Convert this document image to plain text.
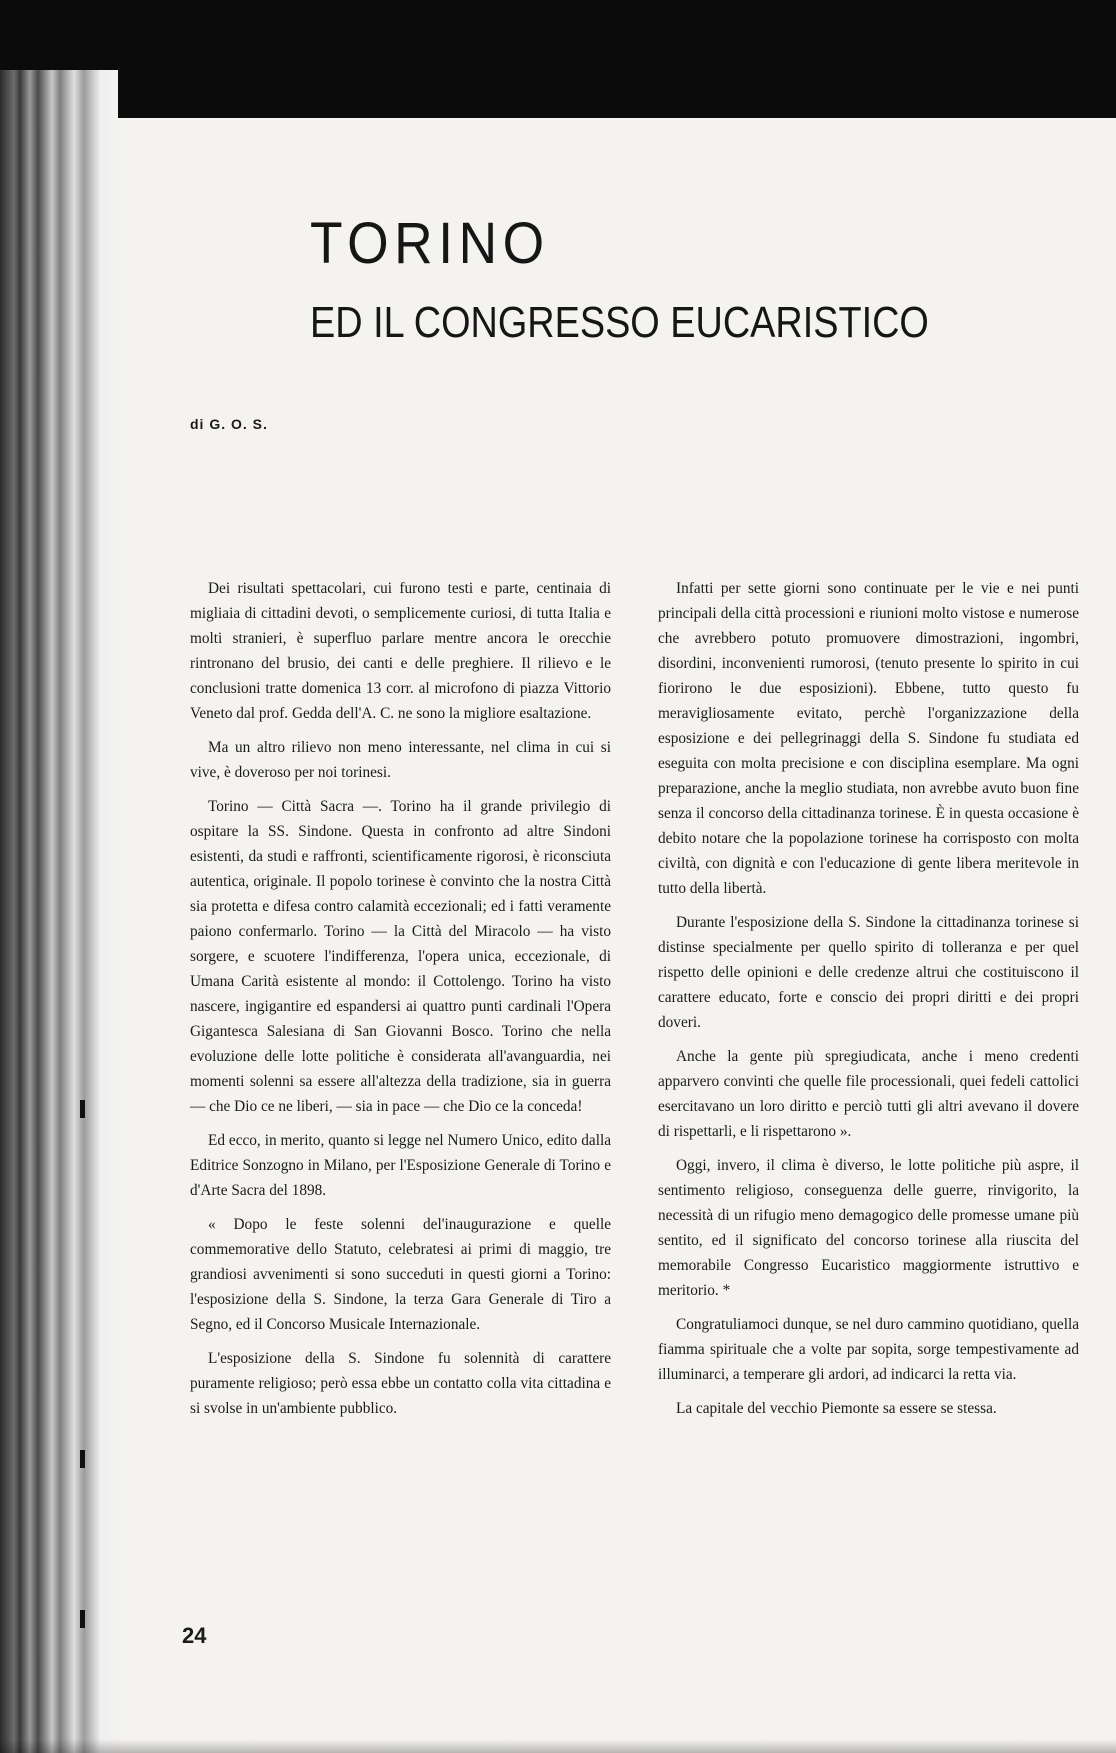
TORINO
ED IL CONGRESSO EUCARISTICO
di G. O. S.

Dei risultati spettacolari, cui furono testi e parte, centinaia di migliaia di cittadini devoti, o semplicemente curiosi, di tutta Italia e molti stranieri, è superfluo parlare mentre ancora le orecchie rintronano del brusio, dei canti e delle preghiere. Il rilievo e le conclusioni tratte domenica 13 corr. al microfono di piazza Vittorio Veneto dal prof. Gedda dell'A. C. ne sono la migliore esaltazione.

Ma un altro rilievo non meno interessante, nel clima in cui si vive, è doveroso per noi torinesi.

Torino — Città Sacra —. Torino ha il grande privilegio di ospitare la SS. Sindone. Questa in confronto ad altre Sindoni esistenti, da studi e raffronti, scientificamente rigorosi, è riconsciuta autentica, originale. Il popolo torinese è convinto che la nostra Città sia protetta e difesa contro calamità eccezionali; ed i fatti veramente paiono confermarlo. Torino — la Città del Miracolo — ha visto sorgere, e scuotere l'indifferenza, l'opera unica, eccezionale, di Umana Carità esistente al mondo: il Cottolengo. Torino ha visto nascere, ingigantire ed espandersi ai quattro punti cardinali l'Opera Gigantesca Salesiana di San Giovanni Bosco. Torino che nella evoluzione delle lotte politiche è considerata all'avanguardia, nei momenti solenni sa essere all'altezza della tradizione, sia in guerra — che Dio ce ne liberi, — sia in pace — che Dio ce la conceda!

Ed ecco, in merito, quanto si legge nel Numero Unico, edito dalla Editrice Sonzogno in Milano, per l'Esposizione Generale di Torino e d'Arte Sacra del 1898.

« Dopo le feste solenni del'inaugurazione e quelle commemorative dello Statuto, celebratesi ai primi di maggio, tre grandiosi avvenimenti si sono succeduti in questi giorni a Torino: l'esposizione della S. Sindone, la terza Gara Generale di Tiro a Segno, ed il Concorso Musicale Internazionale.

L'esposizione della S. Sindone fu solennità di carattere puramente religioso; però essa ebbe un contatto colla vita cittadina e si svolse in un'ambiente pubblico.

Infatti per sette giorni sono continuate per le vie e nei punti principali della città processioni e riunioni molto vistose e numerose che avrebbero potuto promuovere dimostrazioni, ingombri, disordini, inconvenienti rumorosi, (tenuto presente lo spirito in cui fiorirono le due esposizioni). Ebbene, tutto questo fu meravigliosamente evitato, perchè l'organizzazione della esposizione e dei pellegrinaggi della S. Sindone fu studiata ed eseguita con molta precisione e con disciplina esemplare. Ma ogni preparazione, anche la meglio studiata, non avrebbe avuto buon fine senza il concorso della cittadinanza torinese. È in questa occasione è debito notare che la popolazione torinese ha corrisposto con molta civiltà, con dignità e con l'educazione di gente libera meritevole in tutto della libertà.

Durante l'esposizione della S. Sindone la cittadinanza torinese si distinse specialmente per quello spirito di tolleranza e per quel rispetto delle opinioni e delle credenze altrui che costituiscono il carattere educato, forte e conscio dei propri diritti e dei propri doveri.

Anche la gente più spregiudicata, anche i meno credenti apparvero convinti che quelle file processionali, quei fedeli cattolici esercitavano un loro diritto e perciò tutti gli altri avevano il dovere di rispettarli, e li rispettarono ».

Oggi, invero, il clima è diverso, le lotte politiche più aspre, il sentimento religioso, conseguenza delle guerre, rinvigorito, la necessità di un rifugio meno demagogico delle promesse umane più sentito, ed il significato del concorso torinese alla riuscita del memorabile Congresso Eucaristico maggiormente istruttivo e meritorio. *

Congratuliamoci dunque, se nel duro cammino quotidiano, quella fiamma spirituale che a volte par sopita, sorge tempestivamente ad illuminarci, a temperare gli ardori, ad indicarci la retta via.

La capitale del vecchio Piemonte sa essere se stessa.

24
